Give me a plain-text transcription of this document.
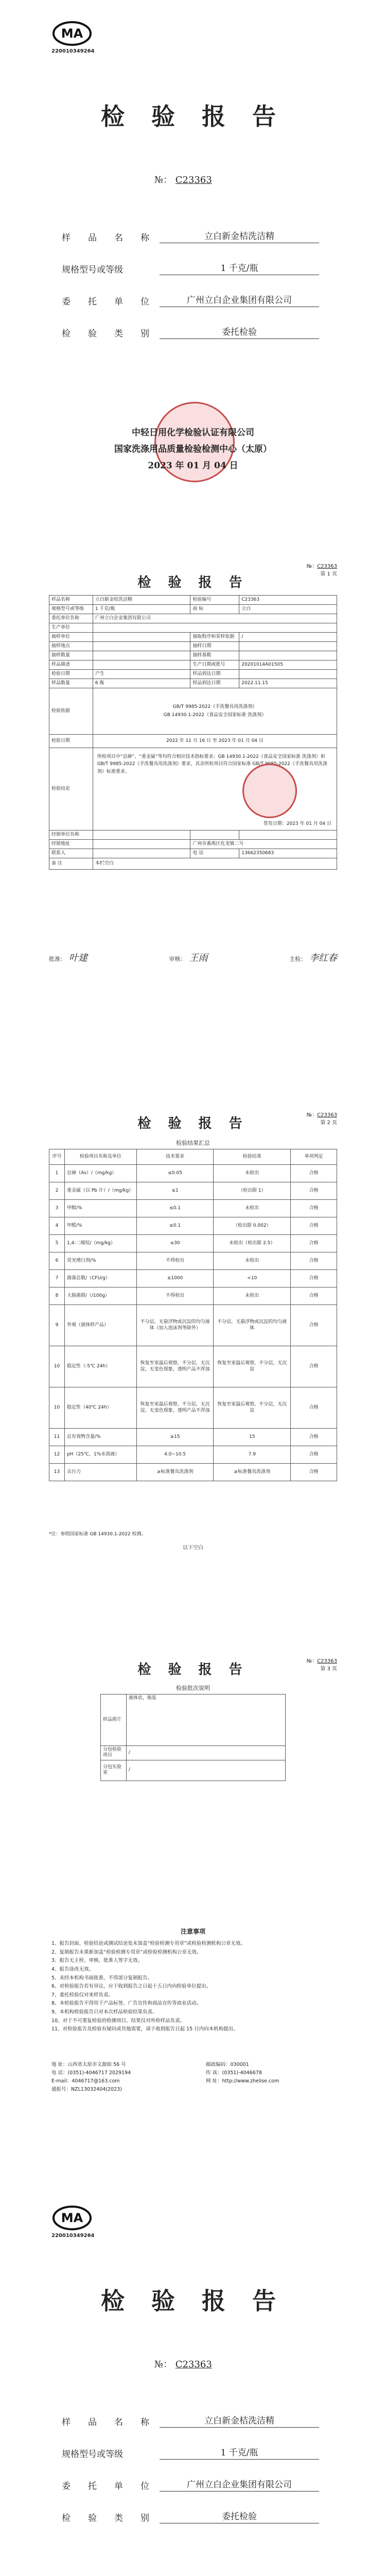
MA
220010349264
检 验 报 告
№： C23363
样品名称	立白新金桔洗洁精
规格型号或等级	1 千克/瓶
委托单位	广州立白企业集团有限公司
检验类别	委托检验
中轻日用化学检验认证有限公司
国家洗涤用品质量检验检测中心（太原）
2023 年 01 月 04 日
№：C23363
第 1 页
检 验 报 告
样品名称	立白新金桔洗洁精	检验编号	C23363
规格型号或等级	1 千克/瓶	商 标	立白
委托单位名称	广州立白企业集团有限公司		
生产单位			
抽样单位		抽取程序和采样依据	/
抽样地点		抽样日期	
抽样数量		抽样基数	
样品描述		生产日期或批号	20201014A01505
检验日期	产生	样品到达日期	
样品数量	6 瓶	样品到达日期	2022.11.15
检验依据	GB/T 9985-2022《手洗餐具用洗涤剂》
GB 14930.1-2022《食品安全国家标准 洗涤剂》		

检验日期	2022 年 11 月 16 日 至 2023 年 01 月 04 日		
检验结论	所检项目中“总砷”、“重金属”等均符合相应技术指标要求；GB 14930.1-2022《食品安全国家标准 洗涤剂》和GB/T 9985-2022《手洗餐具用洗涤剂》要求，其余所检项目符合国家标准 GB/T 9985-2022《手洗餐具用洗涤剂》标准要求。
签发日期：2023 年 01 月 04 日		

经销单位名称			
经销地址		广州市番禺区化龙镇二号	
联系人		电 话	13662350683
备 注	本栏空白		
批准： 叶建	审核： 王雨	主检： 李红春
检 验 报 告
№：C23363
第 2 页
检验结果汇总
序号	检验项目名称及单位	技术要求	检验结果	单项判定
1	总砷（As）/（mg/kg）	≤0.05	未检出	合格
2	重金属（以 Pb 计）/（mg/kg）	≤1	（检出限 1）	合格
3	甲醇/%	≤0.1	未检出	合格
4	甲醛/%	≤0.1	（检出限 0.002）	合格
5	1,4-二噁烷/（mg/kg）	≤30	未检出（检出限 2.5）	合格
6	荧光增白剂/%	不得检出	未检出	合格
7	菌落总数/（CFU/g）	≤1000	<10	合格
8	大肠菌群/（/100g）	不得检出	未检出	合格
9	外观（液体样产品）	不分层，无悬浮物或沉淀的均匀液体（加入泡沫剂等除外）	不分层，无悬浮物或沉淀的均匀液体	合格
10	稳定性（-5℃ 24h）	恢复至室温后观察，不分层，无沉淀，无变色现象，透明产品不浑浊	恢复至室温后观察，不分层，无沉淀	合格
10	稳定性（40℃ 24h）	恢复至室温后观察，不分层，无沉淀，无变色现象，透明产品不浑浊	恢复至室温后观察，不分层，无沉淀	合格
11	总有效物含量/%	≥15	15	合格
12	pH（25℃，1%水溶液）	4.0~10.5	7.9	合格
13	去污力	≥标准餐具洗涤剂	≥标准餐具洗涤剂	合格
*注：参照国家标准 GB 14930.1-2022 检测。
以下空白
检 验 报 告
№：C23363
第 3 页
检验批次说明
样品照片	液体状，瓶装
分包检验项目	/
分包实验室	/
注意事项
1、报告封面、检验结论或测试结论处未加盖“检验检测专用章”或检验检测机构公章无效。
2、复制报告未重新加盖“检验检测专用章”或检验检测机构公章无效。
3、报告无主检、审核、批准人签字无效。
4、报告涂改无效。
5、未经本机构书面批准，不得部分复制报告。
6、对检验报告若有异议，应于收到报告之日起十五日内向检验单位提出。
7、委托检验仅对来样负责。
8、本检验报告不得用于产品标签、广告宣传和商品宣传等商业活动。
9、本机构检验报告只对本次样品检验结果负责。
10、对于不可重复检验的检测项目，结果仅对所检样品负责。
11、对检验报告及检验有疑问或其他需要，请于收到报告日起 15 日内向本机构提出。
地 址：山西省太原市文源街 56 号	邮政编码：030001
电 话：(0351)-4046717 2029194	传 真：(0351)-4046678
E-mail：4046717@163.com	网 址：http://www.zhelise.com
通报号：NZL13032404(2023)
MA
220010349264
检 验 报 告
№： C23363
样品名称	立白新金桔洗洁精
规格型号或等级	1 千克/瓶
委托单位	广州立白企业集团有限公司
检验类别	委托检验
